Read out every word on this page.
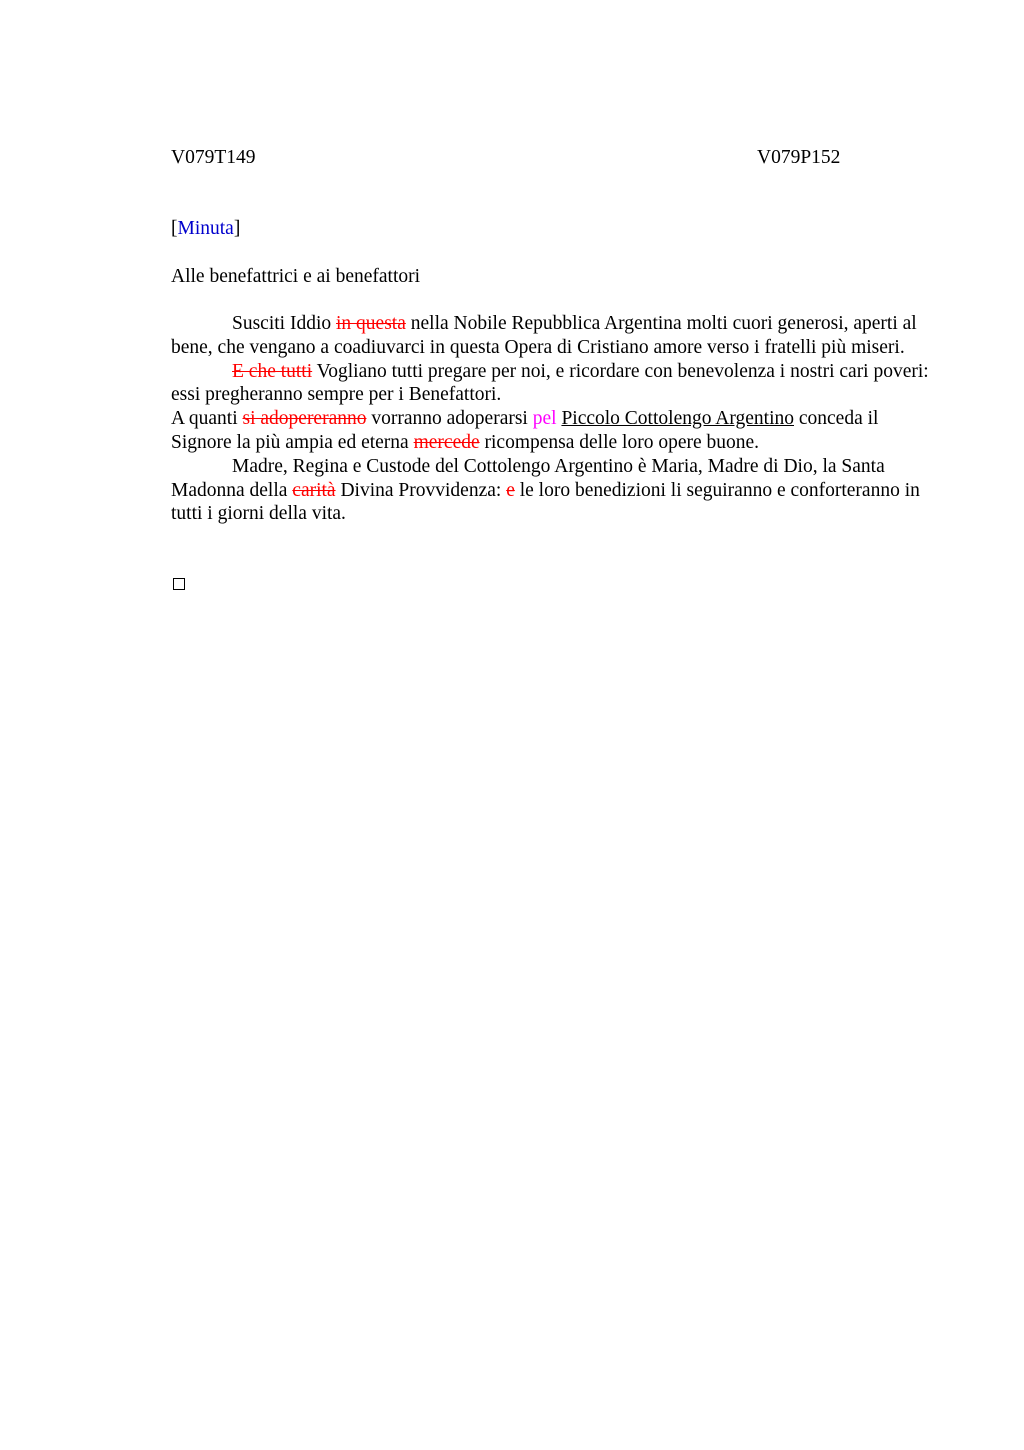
V079T149	V079P152
[Minuta]
Alle benefattrici e ai benefattori

Susciti Iddio in questa nella Nobile Repubblica Argentina molti cuori generosi, aperti al bene, che vengano a coadiuvarci in questa Opera di Cristiano amore verso i fratelli più miseri.

E che tutti Vogliano tutti pregare per noi, e ricordare con benevolenza i nostri cari poveri: essi pregheranno sempre per i Benefattori.

A quanti si adopereranno vorranno adoperarsi pel Piccolo Cottolengo Argentino conceda il Signore la più ampia ed eterna mercede ricompensa delle loro opere buone.

Madre, Regina e Custode del Cottolengo Argentino è Maria, Madre di Dio, la Santa Madonna della carità Divina Provvidenza: e le loro benedizioni li seguiranno e conforteranno in tutti i giorni della vita.
